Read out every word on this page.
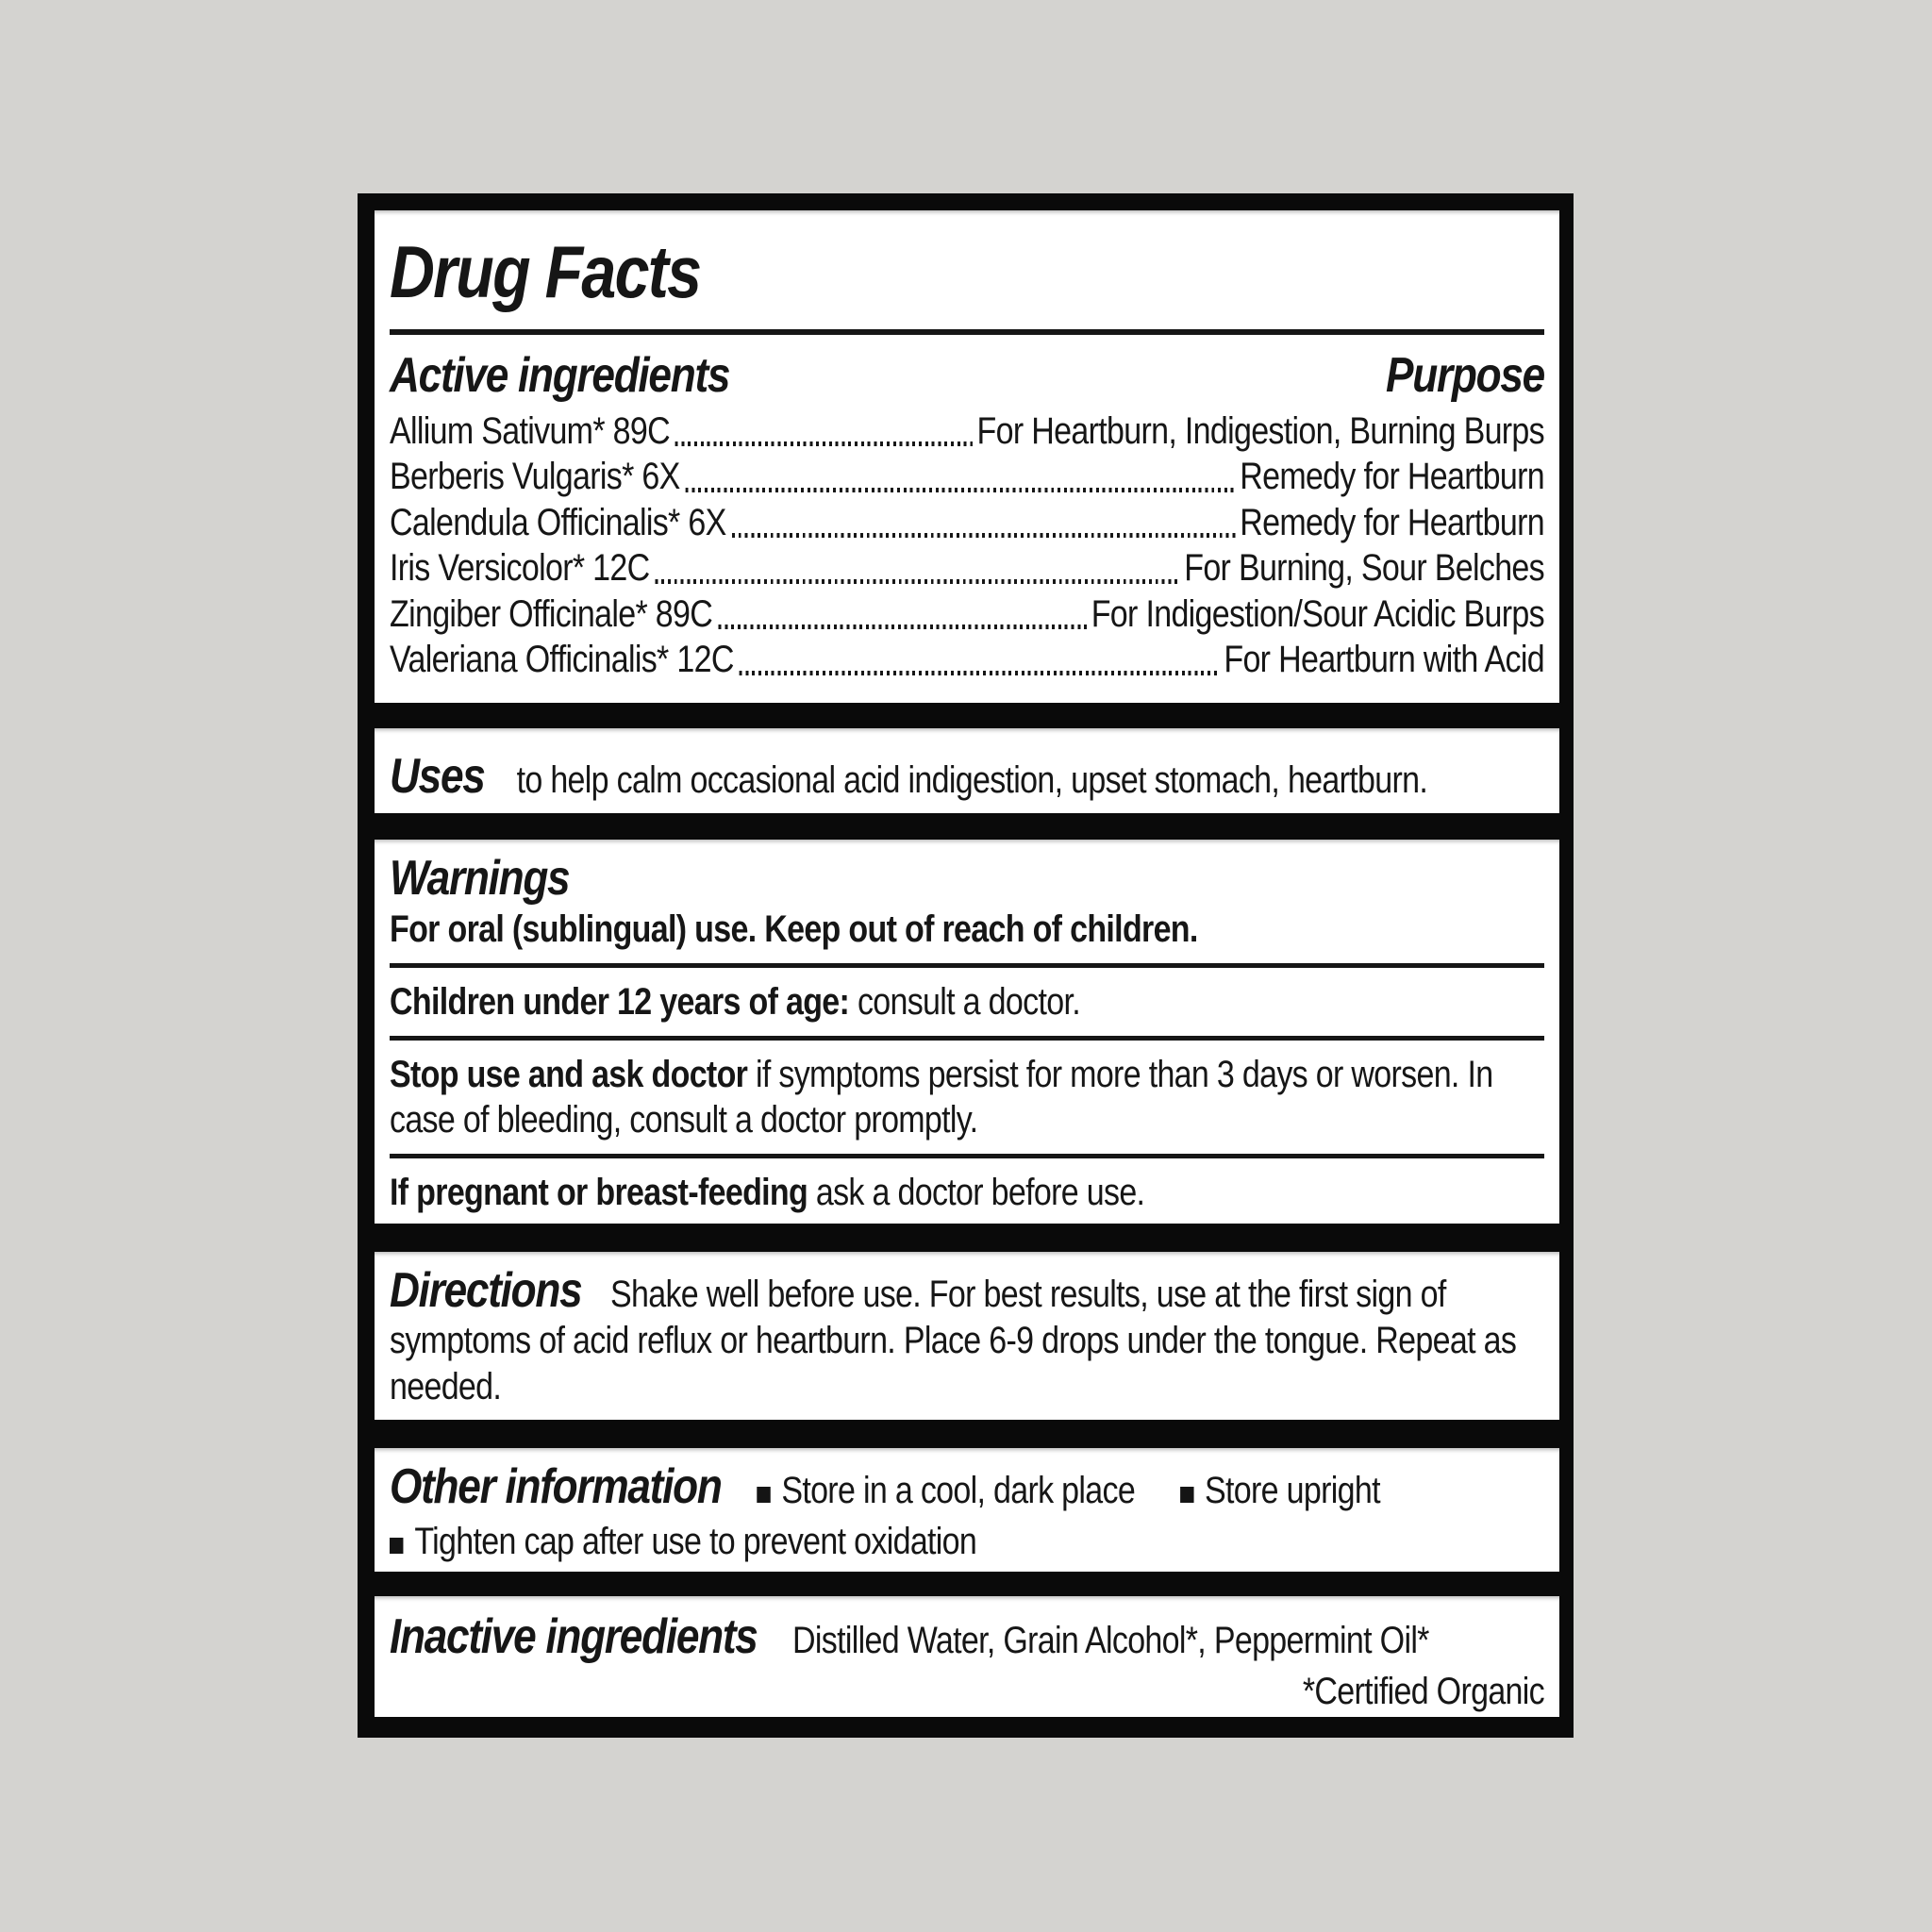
Drug Facts
Active ingredients	Purpose
Allium Sativum* 89C	For Heartburn, Indigestion, Burning Burps
Berberis Vulgaris* 6X	Remedy for Heartburn
Calendula Officinalis* 6X	Remedy for Heartburn
Iris Versicolor* 12C	For Burning, Sour Belches
Zingiber Officinale* 89C	For Indigestion/Sour Acidic Burps
Valeriana Officinalis* 12C	For Heartburn with Acid
Uses to help calm occasional acid indigestion, upset stomach, heartburn.
Warnings

For oral (sublingual) use. Keep out of reach of children.

Children under 12 years of age: consult a doctor.

Stop use and ask doctor if symptoms persist for more than 3 days or worsen. In case of bleeding, consult a doctor promptly.

If pregnant or breast-feeding ask a doctor before use.

Directions Shake well before use. For best results, use at the first sign of symptoms of acid reflux or heartburn. Place 6-9 drops under the tongue. Repeat as needed.

Other information	Store in a cool, dark place	Store upright
Tighten cap after use to prevent oxidation
Inactive ingredients Distilled Water, Grain Alcohol*, Peppermint Oil*
*Certified Organic
